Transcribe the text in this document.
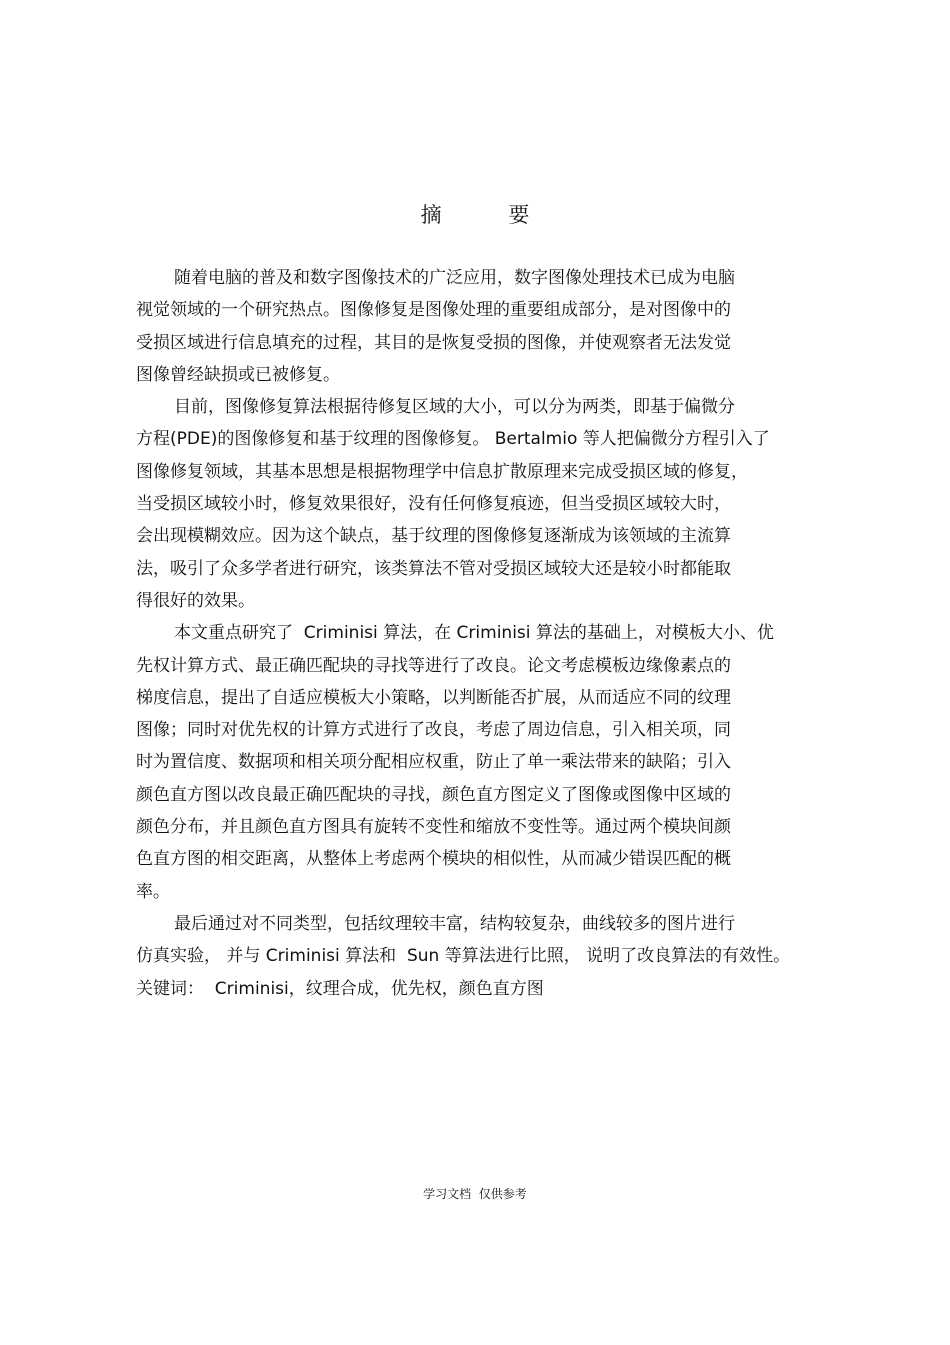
摘 要
随着电脑的普及和数字图像技术的广泛应用，数字图像处理技术已成为电脑
视觉领域的一个研究热点。图像修复是图像处理的重要组成部分，是对图像中的
受损区域进行信息填充的过程，其目的是恢复受损的图像，并使观察者无法发觉
图像曾经缺损或已被修复。
目前，图像修复算法根据待修复区域的大小，可以分为两类，即基于偏微分
方程(PDE)的图像修复和基于纹理的图像修复。 Bertalmio 等人把偏微分方程引入了
图像修复领域，其基本思想是根据物理学中信息扩散原理来完成受损区域的修复，
当受损区域较小时，修复效果很好，没有任何修复痕迹，但当受损区域较大时，
会出现模糊效应。因为这个缺点，基于纹理的图像修复逐渐成为该领域的主流算
法，吸引了众多学者进行研究，该类算法不管对受损区域较大还是较小时都能取
得很好的效果。
本文重点研究了  Criminisi 算法，在 Criminisi 算法的基础上，对模板大小、优
先权计算方式、最正确匹配块的寻找等进行了改良。论文考虑模板边缘像素点的
梯度信息，提出了自适应模板大小策略，以判断能否扩展，从而适应不同的纹理
图像；同时对优先权的计算方式进行了改良，考虑了周边信息，引入相关项，同
时为置信度、数据项和相关项分配相应权重，防止了单一乘法带来的缺陷；引入
颜色直方图以改良最正确匹配块的寻找，颜色直方图定义了图像或图像中区域的
颜色分布，并且颜色直方图具有旋转不变性和缩放不变性等。通过两个模块间颜
色直方图的相交距离，从整体上考虑两个模块的相似性，从而减少错误匹配的概
率。
最后通过对不同类型，包括纹理较丰富，结构较复杂，曲线较多的图片进行
仿真实验， 并与 Criminisi 算法和  Sun 等算法进行比照， 说明了改良算法的有效性。
关键词：  Criminisi，纹理合成，优先权，颜色直方图
学习文档  仅供参考
